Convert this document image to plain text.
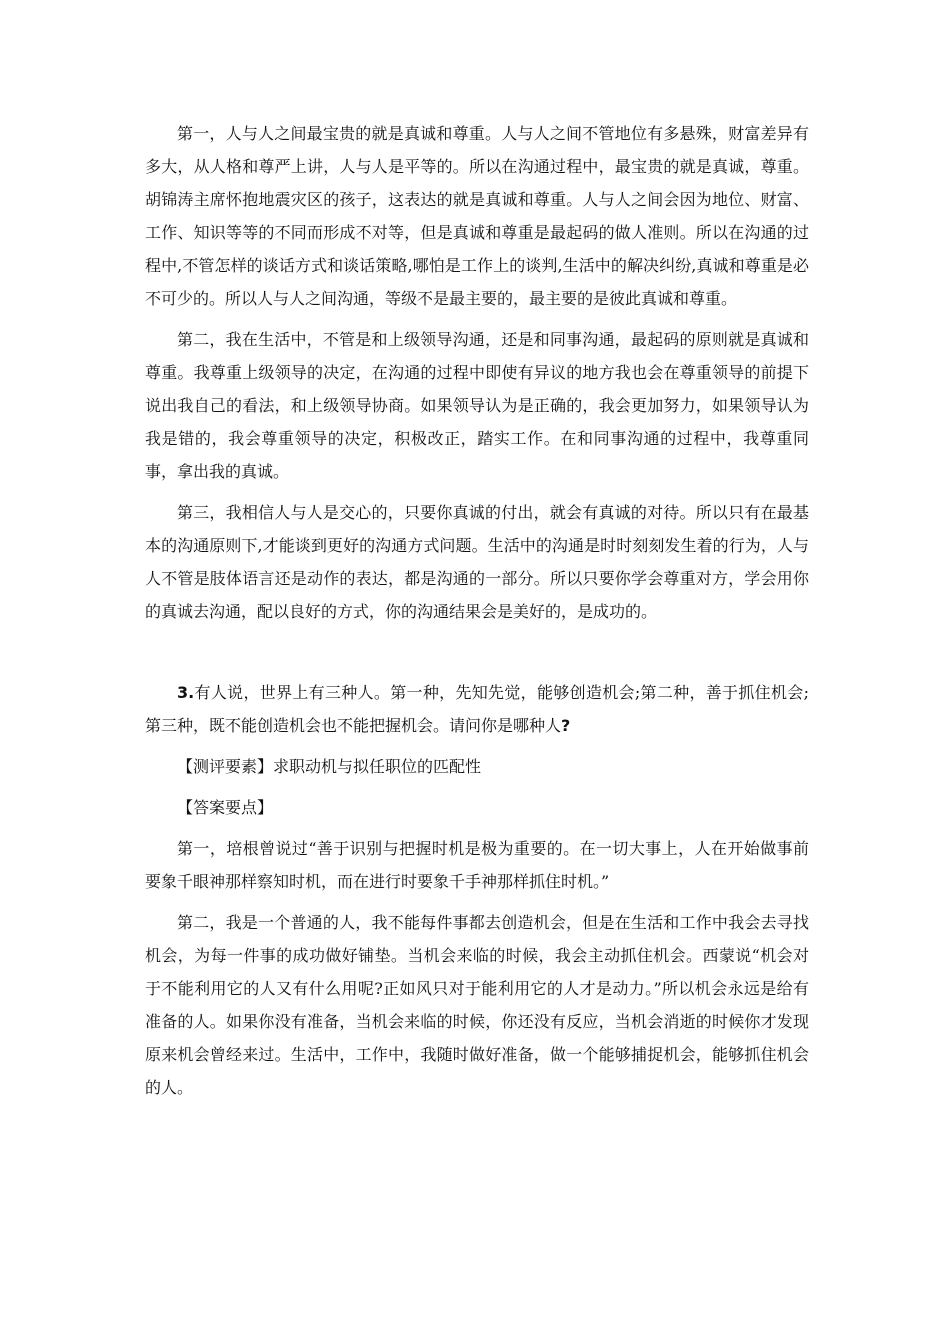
第一，人与人之间最宝贵的就是真诚和尊重。人与人之间不管地位有多悬殊，财富差异有多大，从人格和尊严上讲，人与人是平等的。所以在沟通过程中，最宝贵的就是真诚，尊重。胡锦涛主席怀抱地震灾区的孩子，这表达的就是真诚和尊重。人与人之间会因为地位、财富、工作、知识等等的不同而形成不对等，但是真诚和尊重是最起码的做人准则。所以在沟通的过程中,不管怎样的谈话方式和谈话策略,哪怕是工作上的谈判,生活中的解决纠纷,真诚和尊重是必不可少的。所以人与人之间沟通，等级不是最主要的，最主要的是彼此真诚和尊重。

第二，我在生活中，不管是和上级领导沟通，还是和同事沟通，最起码的原则就是真诚和尊重。我尊重上级领导的决定，在沟通的过程中即使有异议的地方我也会在尊重领导的前提下说出我自己的看法，和上级领导协商。如果领导认为是正确的，我会更加努力，如果领导认为我是错的，我会尊重领导的决定，积极改正，踏实工作。在和同事沟通的过程中，我尊重同事，拿出我的真诚。

第三，我相信人与人是交心的，只要你真诚的付出，就会有真诚的对待。所以只有在最基本的沟通原则下,才能谈到更好的沟通方式问题。生活中的沟通是时时刻刻发生着的行为，人与人不管是肢体语言还是动作的表达，都是沟通的一部分。所以只要你学会尊重对方，学会用你的真诚去沟通，配以良好的方式，你的沟通结果会是美好的，是成功的。

3.有人说，世界上有三种人。第一种，先知先觉，能够创造机会;第二种，善于抓住机会;第三种，既不能创造机会也不能把握机会。请问你是哪种人?

【测评要素】求职动机与拟任职位的匹配性

【答案要点】

第一，培根曾说过“善于识别与把握时机是极为重要的。在一切大事上，人在开始做事前要象千眼神那样察知时机，而在进行时要象千手神那样抓住时机。”

第二，我是一个普通的人，我不能每件事都去创造机会，但是在生活和工作中我会去寻找机会，为每一件事的成功做好铺垫。当机会来临的时候，我会主动抓住机会。西蒙说“机会对于不能利用它的人又有什么用呢?正如风只对于能利用它的人才是动力。”所以机会永远是给有准备的人。如果你没有准备，当机会来临的时候，你还没有反应，当机会消逝的时候你才发现原来机会曾经来过。生活中，工作中，我随时做好准备，做一个能够捕捉机会，能够抓住机会的人。
